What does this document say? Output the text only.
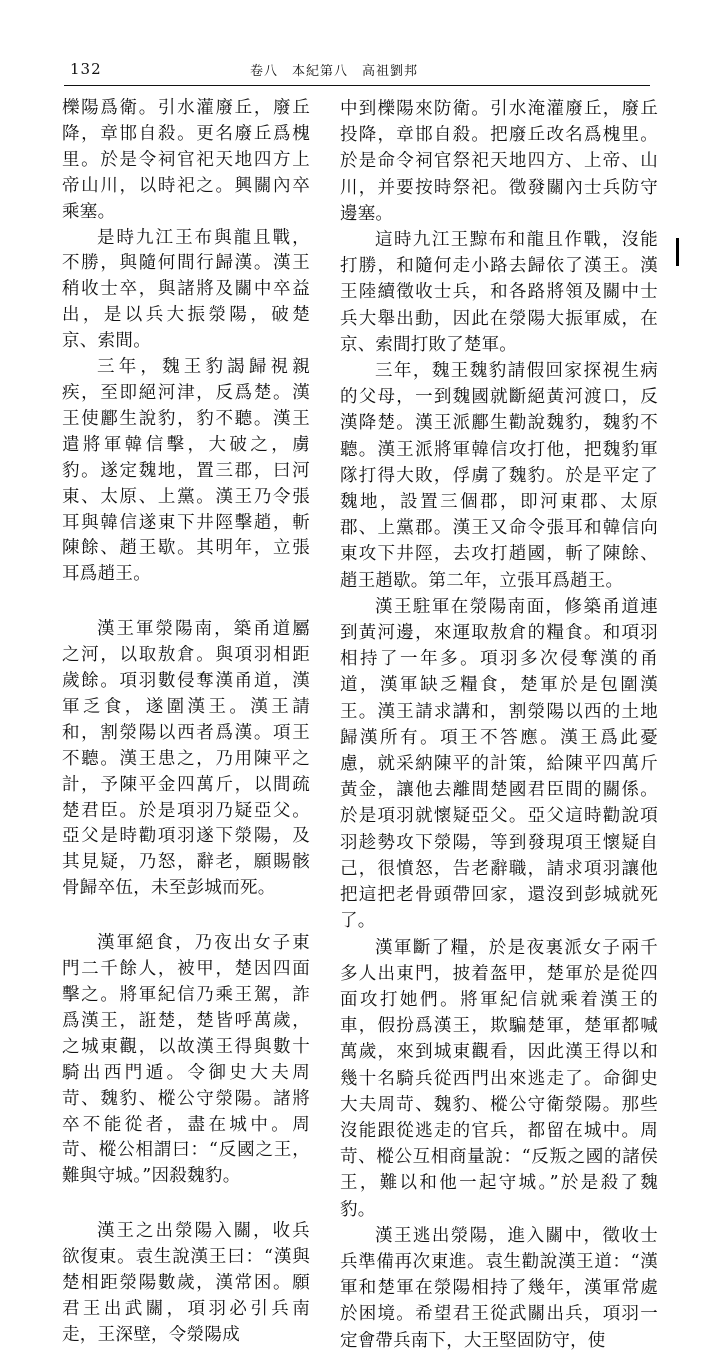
132	卷八　本紀第八　高祖劉邦

櫟陽爲衛。引水灌廢丘，廢丘降，章邯自殺。更名廢丘爲槐里。於是令祠官祀天地四方上帝山川，以時祀之。興關內卒乘塞。

是時九江王布與龍且戰，不勝，與隨何間行歸漢。漢王稍收士卒，與諸將及關中卒益出，是以兵大振滎陽，破楚京、索間。

三年，魏王豹謁歸視親疾，至即絕河津，反爲楚。漢王使酈生說豹，豹不聽。漢王遣將軍韓信擊，大破之，虜豹。遂定魏地，置三郡，曰河東、太原、上黨。漢王乃令張耳與韓信遂東下井陘擊趙，斬陳餘、趙王歇。其明年，立張耳爲趙王。

漢王軍滎陽南，築甬道屬之河，以取敖倉。與項羽相距歲餘。項羽數侵奪漢甬道，漢軍乏食，遂圍漢王。漢王請和，割滎陽以西者爲漢。項王不聽。漢王患之，乃用陳平之計，予陳平金四萬斤，以間疏楚君臣。於是項羽乃疑亞父。亞父是時勸項羽遂下滎陽，及其見疑，乃怒，辭老，願賜骸骨歸卒伍，未至彭城而死。

漢軍絕食，乃夜出女子東門二千餘人，被甲，楚因四面擊之。將軍紀信乃乘王駕，詐爲漢王，誑楚，楚皆呼萬歲，之城東觀，以故漢王得與數十騎出西門遁。令御史大夫周苛、魏豹、樅公守滎陽。諸將卒不能從者，盡在城中。周苛、樅公相謂曰：“反國之王，難與守城。”因殺魏豹。

漢王之出滎陽入關，收兵欲復東。袁生說漢王曰：“漢與楚相距滎陽數歲，漢常困。願君王出武關，項羽必引兵南走，王深壁，令滎陽成

中到櫟陽來防衛。引水淹灌廢丘，廢丘投降，章邯自殺。把廢丘改名爲槐里。於是命令祠官祭祀天地四方、上帝、山川，并要按時祭祀。徵發關內士兵防守邊塞。

這時九江王黥布和龍且作戰，沒能打勝，和隨何走小路去歸依了漢王。漢王陸續徵收士兵，和各路將領及關中士兵大舉出動，因此在滎陽大振軍威，在京、索間打敗了楚軍。

三年，魏王魏豹請假回家探視生病的父母，一到魏國就斷絕黃河渡口，反漢降楚。漢王派酈生勸說魏豹，魏豹不聽。漢王派將軍韓信攻打他，把魏豹軍隊打得大敗，俘虜了魏豹。於是平定了魏地，設置三個郡，即河東郡、太原郡、上黨郡。漢王又命令張耳和韓信向東攻下井陘，去攻打趙國，斬了陳餘、趙王趙歇。第二年，立張耳爲趙王。

漢王駐軍在滎陽南面，修築甬道連到黃河邊，來運取敖倉的糧食。和項羽相持了一年多。項羽多次侵奪漢的甬道，漢軍缺乏糧食，楚軍於是包圍漢王。漢王請求講和，割滎陽以西的土地歸漢所有。項王不答應。漢王爲此憂慮，就采納陳平的計策，給陳平四萬斤黃金，讓他去離間楚國君臣間的關係。於是項羽就懷疑亞父。亞父這時勸說項羽趁勢攻下滎陽，等到發現項王懷疑自己，很憤怒，告老辭職，請求項羽讓他把這把老骨頭帶回家，還沒到彭城就死了。

漢軍斷了糧，於是夜裏派女子兩千多人出東門，披着盔甲，楚軍於是從四面攻打她們。將軍紀信就乘着漢王的車，假扮爲漢王，欺騙楚軍，楚軍都喊萬歲，來到城東觀看，因此漢王得以和幾十名騎兵從西門出來逃走了。命御史大夫周苛、魏豹、樅公守衛滎陽。那些沒能跟從逃走的官兵，都留在城中。周苛、樅公互相商量說：“反叛之國的諸侯王，難以和他一起守城。”於是殺了魏豹。

漢王逃出滎陽，進入關中，徵收士兵準備再次東進。袁生勸說漢王道：“漢軍和楚軍在滎陽相持了幾年，漢軍常處於困境。希望君王從武關出兵，項羽一定會帶兵南下，大王堅固防守，使
